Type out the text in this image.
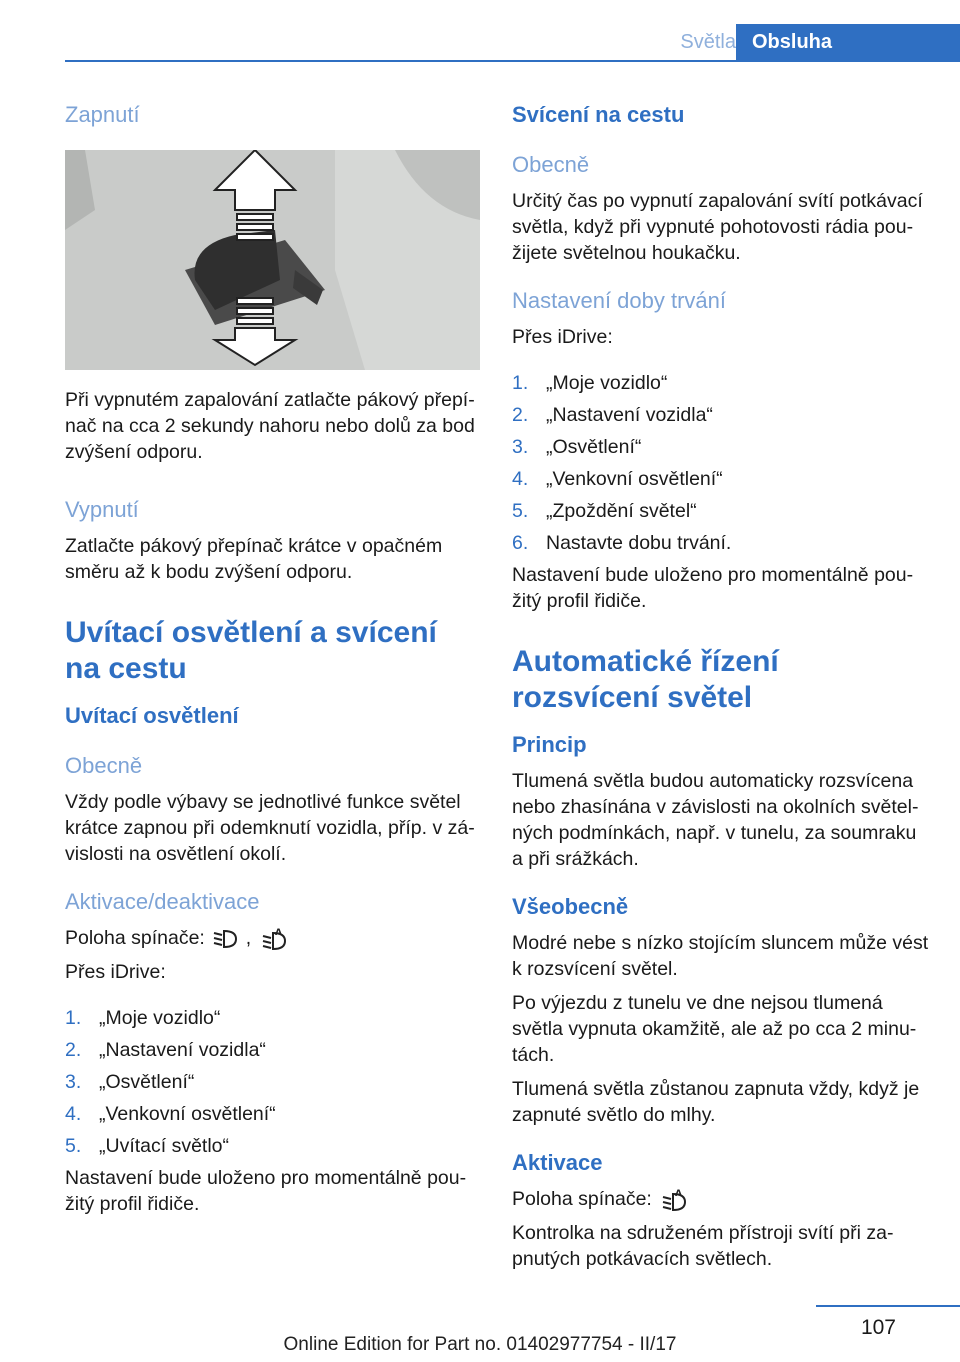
Světla Obsluha
Zapnutí

Při vypnutém zapalování zatlačte pákový přepínač na cca 2 sekundy nahoru nebo dolů za bod zvýšení odporu.

Vypnutí

Zatlačte pákový přepínač krátce v opačném směru až k bodu zvýšení odporu.

Uvítací osvětlení a svícení na cestu
Uvítací osvětlení
Obecně

Vždy podle výbavy se jednotlivé funkce světel krátce zapnou při odemknutí vozidla, příp. v závislosti na osvětlení okolí.

Aktivace/deaktivace

Poloha spínače: ,	A

Přes iDrive:

1. „Moje vozidlo“
2. „Nastavení vozidla“
3. „Osvětlení“
4. „Venkovní osvětlení“
5. „Uvítací světlo“

Nastavení bude uloženo pro momentálně použitý profil řidiče.

Svícení na cestu
Obecně

Určitý čas po vypnutí zapalování svítí potkávací světla, když při vypnuté pohotovosti rádia použijete světelnou houkačku.

Nastavení doby trvání

Přes iDrive:

1. „Moje vozidlo“
2. „Nastavení vozidla“
3. „Osvětlení“
4. „Venkovní osvětlení“
5. „Zpoždění světel“
6. Nastavte dobu trvání.

Nastavení bude uloženo pro momentálně použitý profil řidiče.

Automatické řízení rozsvícení světel
Princip

Tlumená světla budou automaticky rozsvícena nebo zhasínána v závislosti na okolních světelných podmínkách, např. v tunelu, za soumraku a při srážkách.

Všeobecně

Modré nebe s nízko stojícím sluncem může vést k rozsvícení světel.

Po výjezdu z tunelu ve dne nejsou tlumená světla vypnuta okamžitě, ale až po cca 2 minutách.

Tlumená světla zůstanou zapnuta vždy, když je zapnuté světlo do mlhy.

Aktivace

Poloha spínače:	A

Kontrolka na sdruženém přístroji svítí při zapnutých potkávacích světlech.

107
Online Edition for Part no. 01402977754 - II/17
